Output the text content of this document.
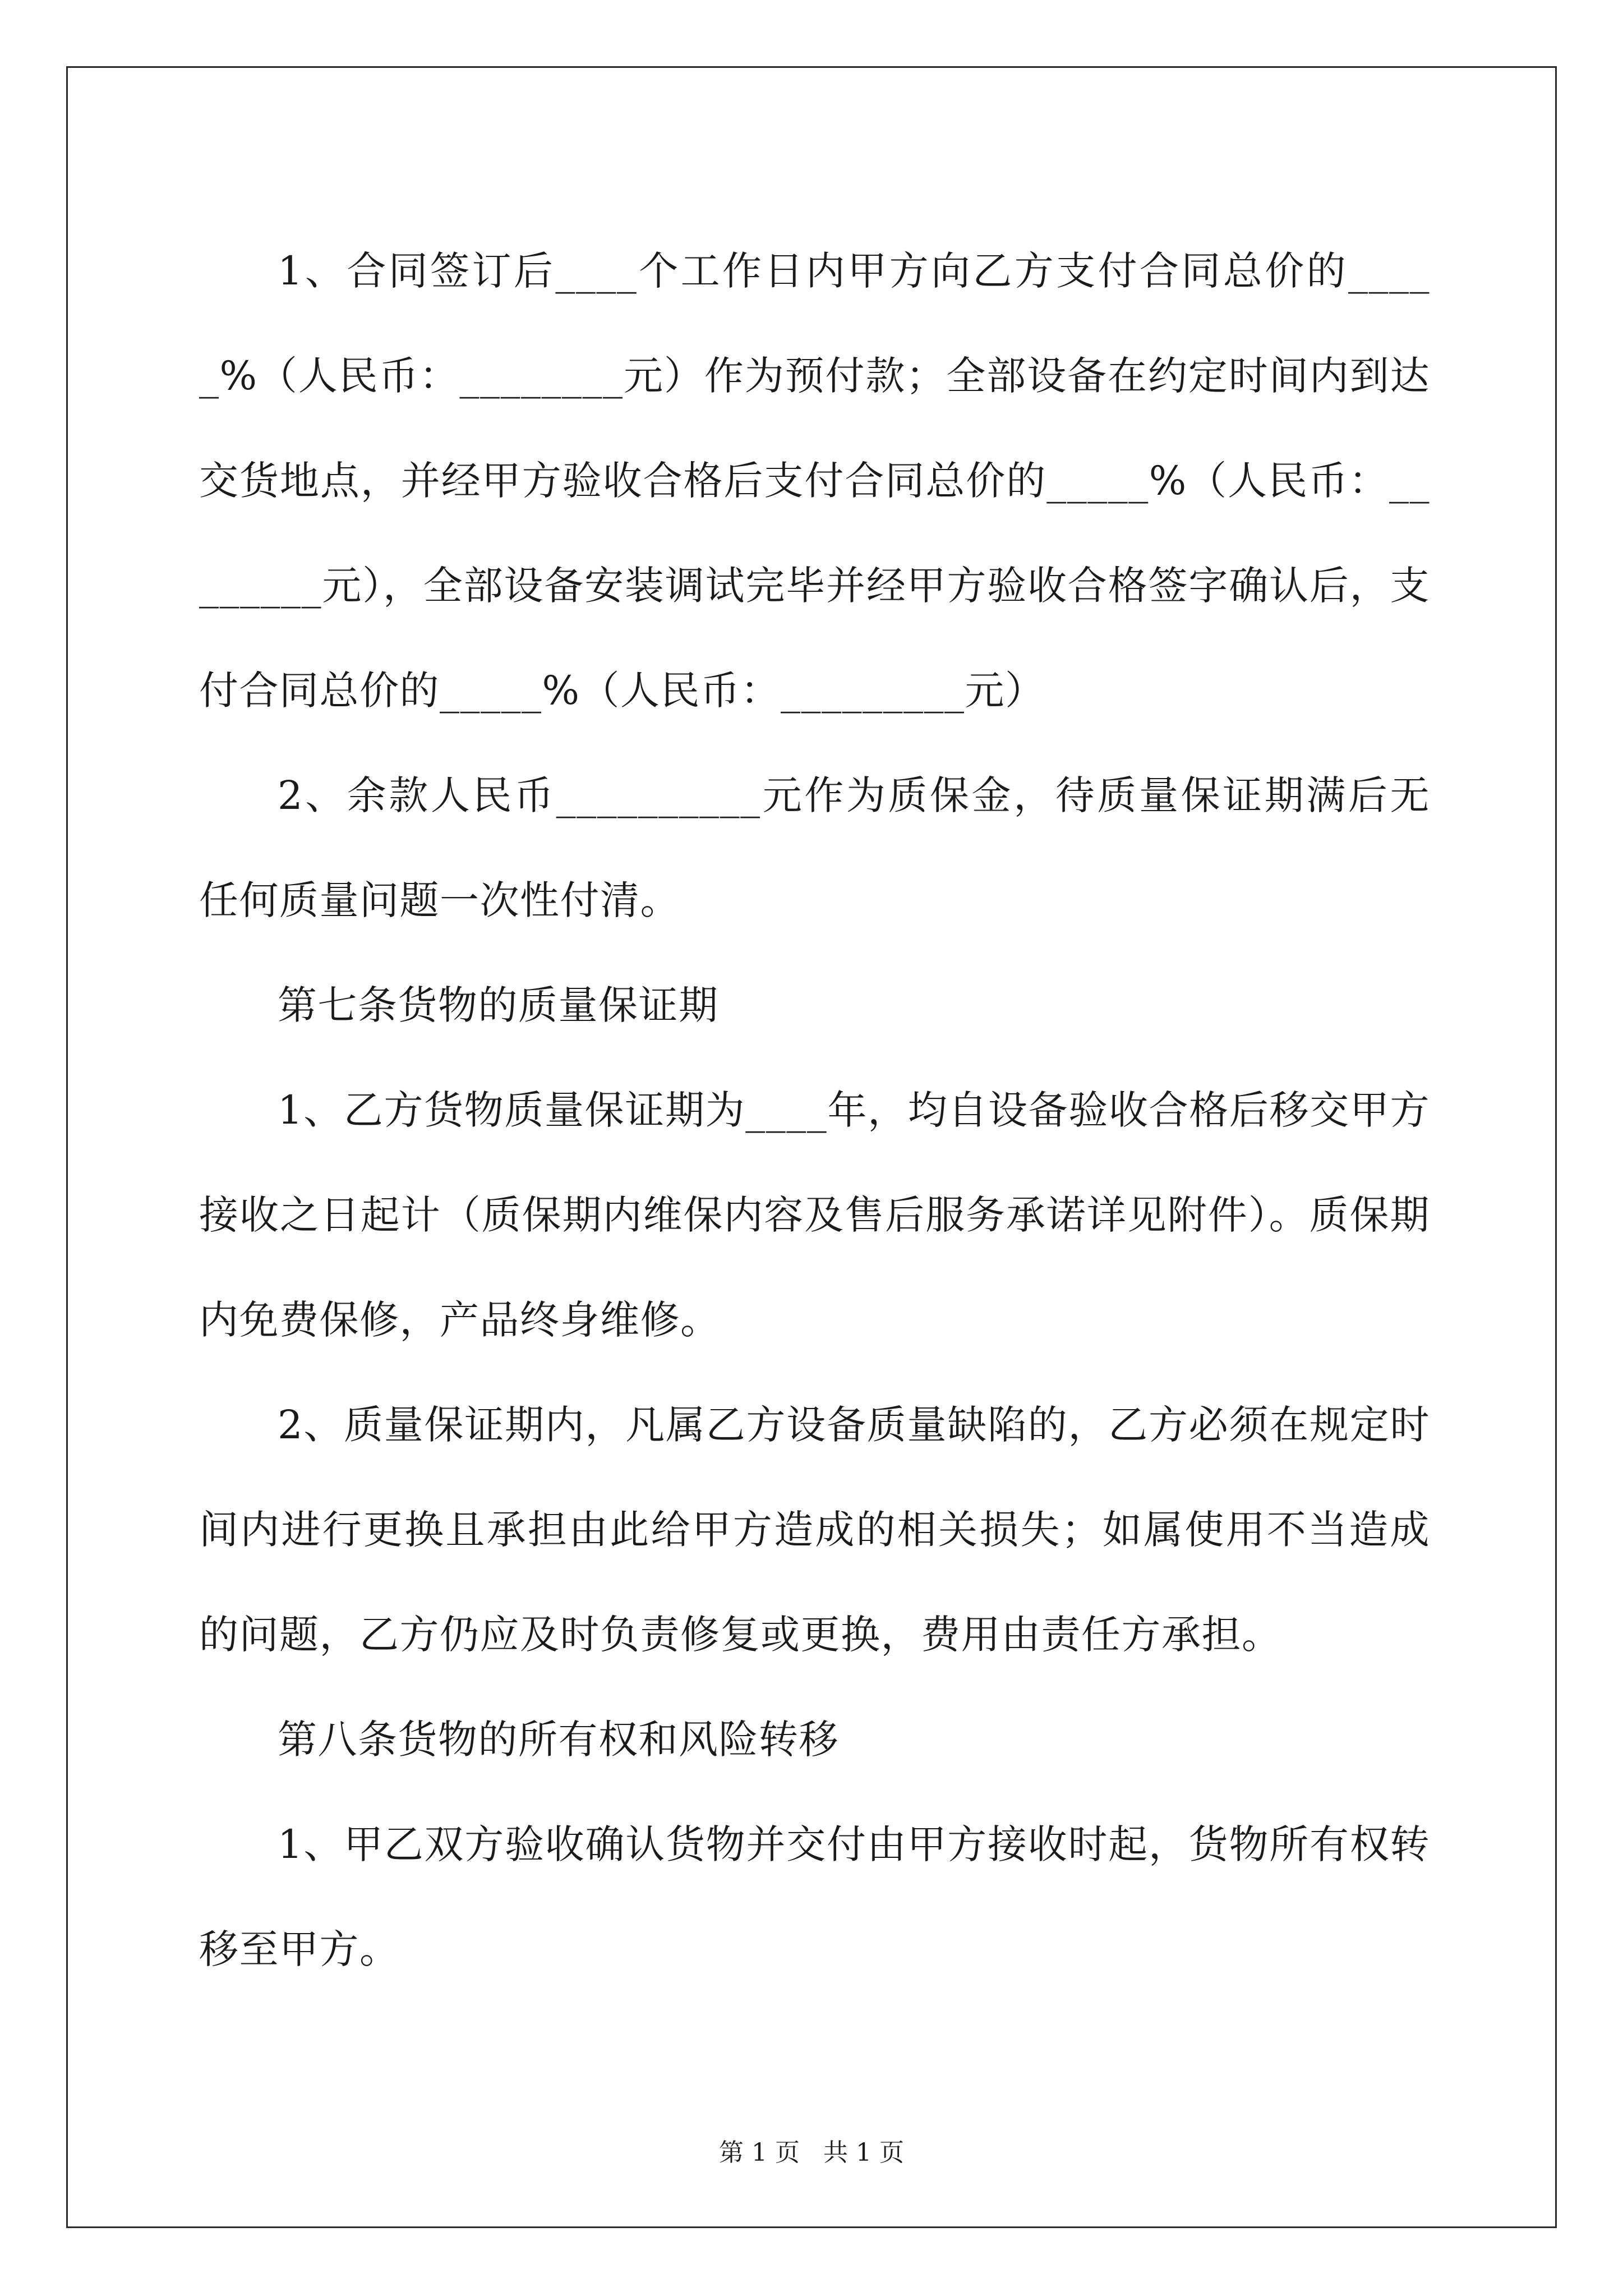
1、合同签订后____个工作日内甲方向乙方支付合同总价的_____%（人民币：________元）作为预付款；全部设备在约定时间内到达交货地点，并经甲方验收合格后支付合同总价的_____%（人民币：________元），全部设备安装调试完毕并经甲方验收合格签字确认后，支付合同总价的_____%（人民币：_________元）

2、余款人民币__________元作为质保金，待质量保证期满后无任何质量问题一次性付清。

第七条货物的质量保证期

1、乙方货物质量保证期为____年，均自设备验收合格后移交甲方接收之日起计（质保期内维保内容及售后服务承诺详见附件）。质保期内免费保修，产品终身维修。

2、质量保证期内，凡属乙方设备质量缺陷的，乙方必须在规定时间内进行更换且承担由此给甲方造成的相关损失；如属使用不当造成的问题，乙方仍应及时负责修复或更换，费用由责任方承担。

第八条货物的所有权和风险转移

1、甲乙双方验收确认货物并交付由甲方接收时起，货物所有权转移至甲方。

第 1 页   共 1 页
